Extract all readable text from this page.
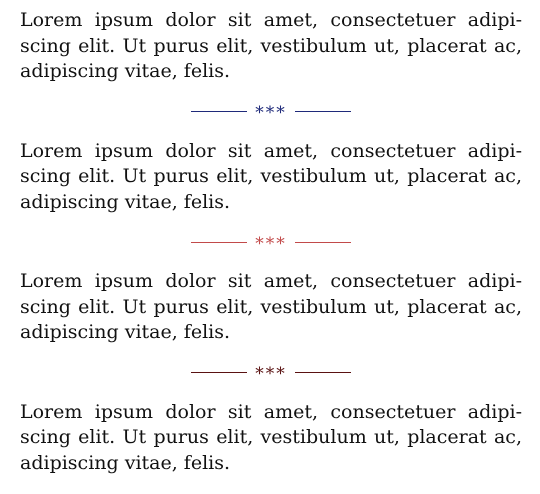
Lorem ipsum dolor sit amet, consectetuer adipi-
scing elit. Ut purus elit, vestibulum ut, placerat ac,
adipiscing vitae, felis.

***

Lorem ipsum dolor sit amet, consectetuer adipi-
scing elit. Ut purus elit, vestibulum ut, placerat ac,
adipiscing vitae, felis.

***

Lorem ipsum dolor sit amet, consectetuer adipi-
scing elit. Ut purus elit, vestibulum ut, placerat ac,
adipiscing vitae, felis.

***

Lorem ipsum dolor sit amet, consectetuer adipi-
scing elit. Ut purus elit, vestibulum ut, placerat ac,
adipiscing vitae, felis.
